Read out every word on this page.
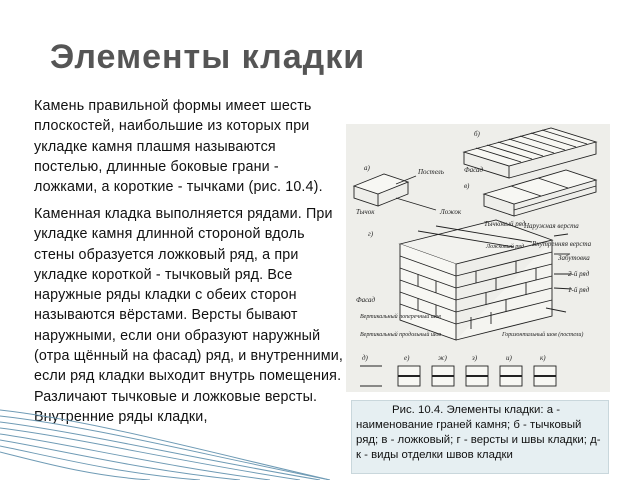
Элементы кладки

Камень правильной формы имеет шесть плоскостей, наибольшие из которых при укладке камня плашмя называются постелью, длинные боковые грани - ложками, а короткие - тычками (рис. 10.4).

Каменная кладка выполняется рядами. При укладке камня длинной стороной вдоль стены образуется ложковый ряд, а при укладке короткой - тычковый ряд. Все наружные ряды кладки с обеих сторон называются вёрстами. Версты бывают наружными, если они образуют наружный (отра щённый на фасад) ряд, и внутренними, если ряд кладки выходит внутрь помещения. Различают тычковые и ложковые версты. Внутренние ряды кладки,

б)
а)
в)
г)
д)	е)	ж)	з)	и)	к)
Постель	Фасад
Тычковый ряд
Ложок
Тычок
Наружная верста
Внутренняя верста
Забутовка
2-й ряд
1-й ряд
Фасад
Вертикальный поперечный шов
Вертикальный продольный шов	Горизонтальный шов (постели)
Ложковый ряд
Рис. 10.4. Элементы кладки: а - наименование граней камня; б - тычковый ряд; в - ложковый; г - версты и швы кладки; д-к - виды отделки швов кладки
